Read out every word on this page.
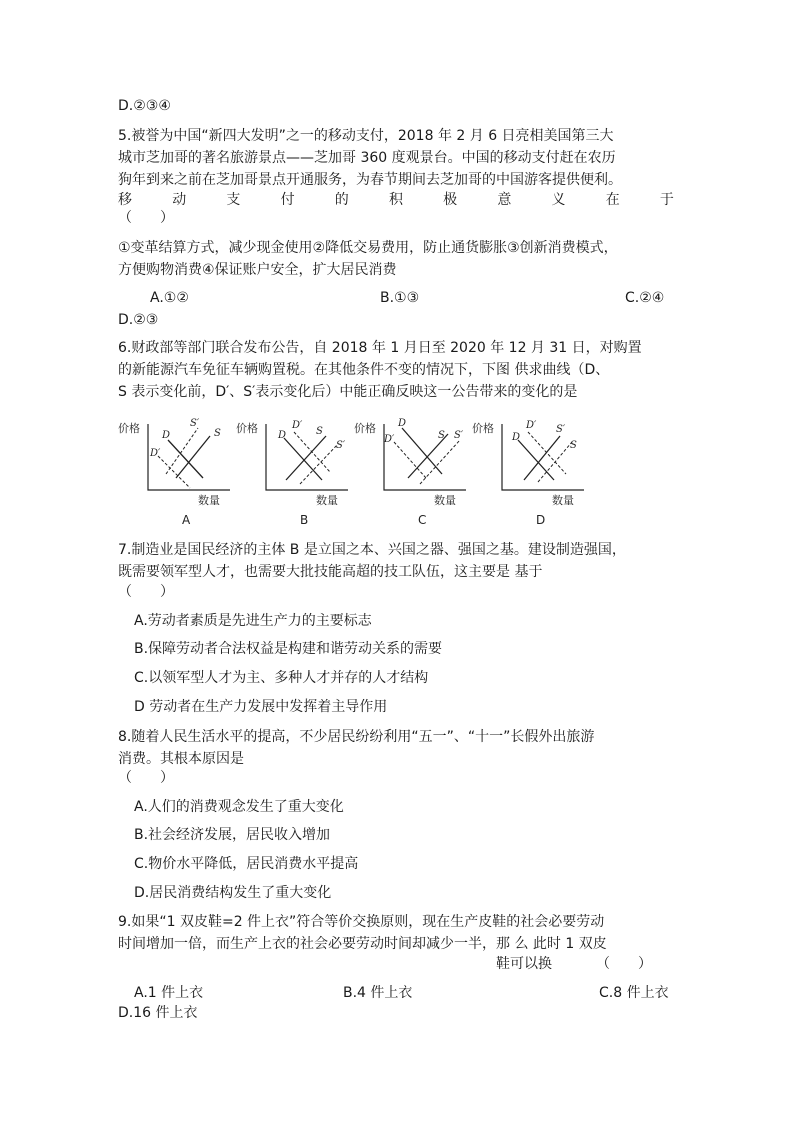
D.②③④
5.被誉为中国“新四大发明”之一的移动支付，2018 年 2 月 6 日亮相美国第三大
城市芝加哥的著名旅游景点——芝加哥 360 度观景台。中国的移动支付赶在农历
狗年到来之前在芝加哥景点开通服务，为春节期间去芝加哥的中国游客提供便利。
移	动	支	付	的	积	极	意	义	在	于
（　　）
①变革结算方式，减少现金使用②降低交易费用，防止通货膨胀③创新消费模式，
方便购物消费④保证账户安全，扩大居民消费
A.①②	B.①③	C.②④
D.②③
6.财政部等部门联合发布公告，自 2018 年 1 月日至 2020 年 12 月 31 日，对购置
的新能源汽车免征车辆购置税。在其他条件不变的情况下，下图 供求曲线（D、
S 表示变化前，D′、S′表示变化后）中能正确反映这一公告带来的变化的是
价格
D
D′
S′
S
数量
A
价格
D
D′
S
S′
数量
B
价格 D
D′	S S′
数量
C
价格
D
D′ S′
S
数量
D
7.制造业是国民经济的主体 B 是立国之本、兴国之器、强国之基。建设制造强国，
既需要领军型人才，也需要大批技能高超的技工队伍，这主要是 基于
（　　）
A.劳动者素质是先进生产力的主要标志
B.保障劳动者合法权益是构建和谐劳动关系的需要
C.以领军型人才为主、多种人才并存的人才结构
D 劳动者在生产力发展中发挥着主导作用
8.随着人民生活水平的提高，不少居民纷纷利用“五一”、“十一”长假外出旅游
消费。其根本原因是
（　　）
A.人们的消费观念发生了重大变化
B.社会经济发展，居民收入增加
C.物价水平降低，居民消费水平提高
D.居民消费结构发生了重大变化
9.如果“1 双皮鞋=2 件上衣”符合等价交换原则，现在生产皮鞋的社会必要劳动
时间增加一倍，而生产上衣的社会必要劳动时间却减少一半，那 么 此时 1 双皮
鞋可以换	（　　）
A.1 件上衣	B.4 件上衣	C.8 件上衣
D.16 件上衣
